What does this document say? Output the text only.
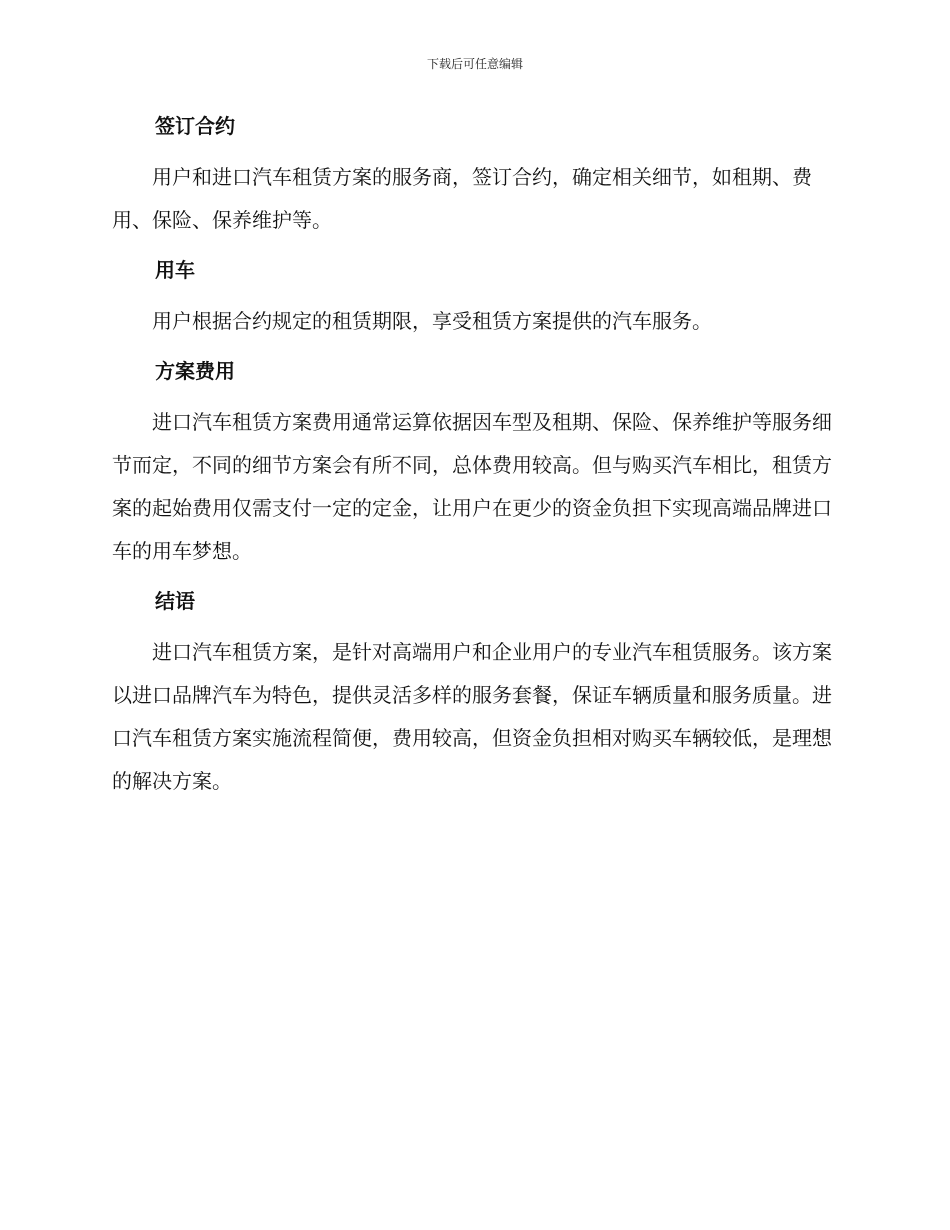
下载后可任意编辑
签订合约

用户和进口汽车租赁方案的服务商，签订合约，确定相关细节，如租期、费用、保险、保养维护等。

用车

用户根据合约规定的租赁期限，享受租赁方案提供的汽车服务。

方案费用

进口汽车租赁方案费用通常运算依据因车型及租期、保险、保养维护等服务细节而定，不同的细节方案会有所不同，总体费用较高。但与购买汽车相比，租赁方案的起始费用仅需支付一定的定金，让用户在更少的资金负担下实现高端品牌进口车的用车梦想。

结语

进口汽车租赁方案，是针对高端用户和企业用户的专业汽车租赁服务。该方案以进口品牌汽车为特色，提供灵活多样的服务套餐，保证车辆质量和服务质量。进口汽车租赁方案实施流程简便，费用较高，但资金负担相对购买车辆较低，是理想的解决方案。
